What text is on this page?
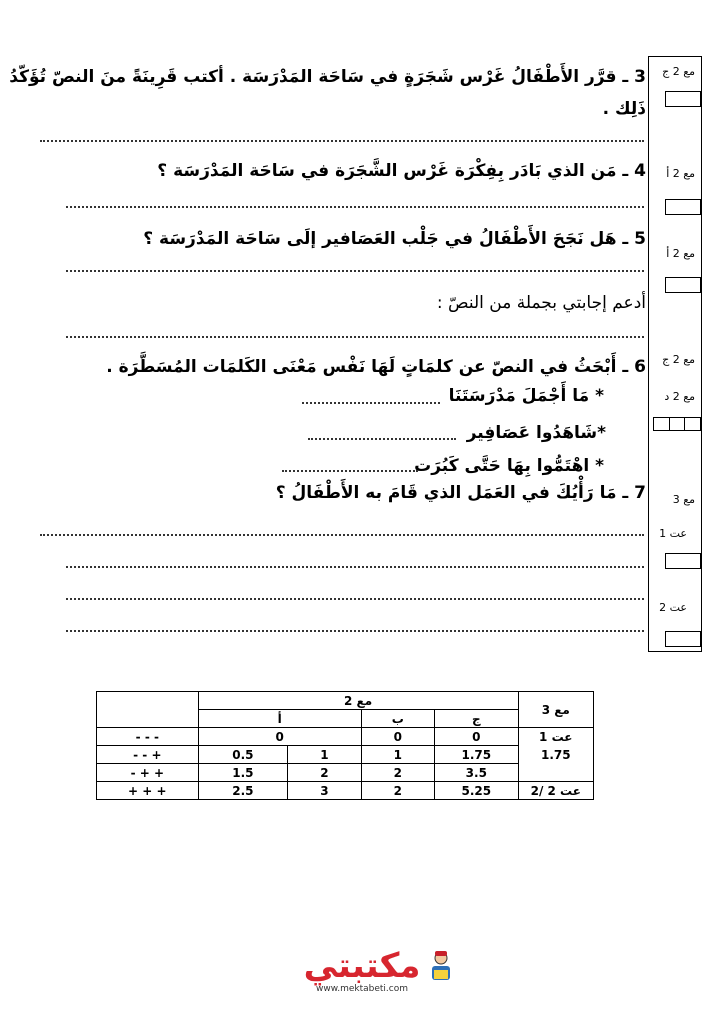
3 ـ قرَّر الأَطْفَالُ غَرْس شَجَرَةٍ في سَاحَة المَدْرَسَة . أكتب قَرِينَةً منَ النصّ تُؤَكّدُ
ذَلِك .
4 ـ مَن الذي بَادَر بِفِكْرَة غَرْس الشَّجَرَة في سَاحَة المَدْرَسَة ؟
5 ـ هَل نَجَحَ الأَطْفَالُ في جَلْب العَصَافير إلَى سَاحَة المَدْرَسَة ؟
أدعم إجابتي بجملة من النصّ :
6 ـ أَبْحَثُ في النصّ عن كلمَاتٍ لَهَا نَفْس مَعْنَى الكَلمَات المُسَطَّرَة .
* مَا أَجْمَلَ مَدْرَسَتَنَا
*شَاهَدُوا عَصَافِير
* اهْتَمُّوا بِهَا حَتَّى كَبُرَت
7 ـ مَا رَأْيُكَ في العَمَل الذي قَامَ به الأَطْفَالُ ؟
مع 2 ج
مع 2 أ
مع 2 أ
مع 2 ج
مع 2 د
مع 3
عت 1
عت 2
مع 3	مع 2				
	ج	ب	أ		
عت 1	0	0	0		- - -
1.75	1.75	1	1	0.5	+ - -
	3.5	2	2	1.5	+ + -
عت 2 /2	5.25	2	3	2.5	+ + +
مكتبتي
www.mektabeti.com
